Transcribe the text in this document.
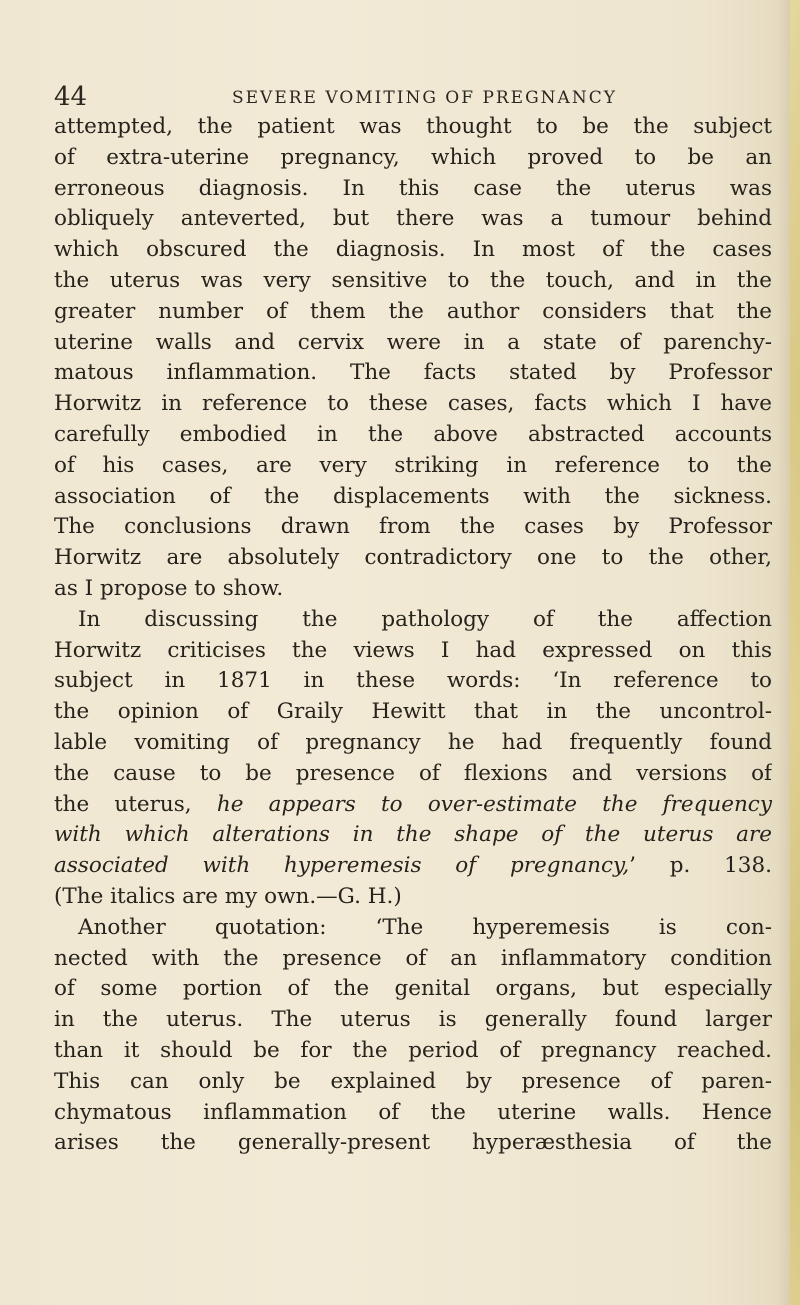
44	SEVERE VOMITING OF PREGNANCY
attempted, the patient was thought to be the subject
of extra-uterine pregnancy, which proved to be an
erroneous diagnosis. In this case the uterus was
obliquely anteverted, but there was a tumour behind
which obscured the diagnosis. In most of the cases
the uterus was very sensitive to the touch, and in the
greater number of them the author considers that the
uterine walls and cervix were in a state of parenchy-
matous inflammation. The facts stated by Professor
Horwitz in reference to these cases, facts which I have
carefully embodied in the above abstracted accounts
of his cases, are very striking in reference to the
association of the displacements with the sickness.
The conclusions drawn from the cases by Professor
Horwitz are absolutely contradictory one to the other,
as I propose to show.
In discussing the pathology of the affection
Horwitz criticises the views I had expressed on this
subject in 1871 in these words: ‘In reference to
the opinion of Graily Hewitt that in the uncontrol-
lable vomiting of pregnancy he had frequently found
the cause to be presence of flexions and versions of
the uterus, he appears to over-estimate the frequency
with which alterations in the shape of the uterus are
associated with hyperemesis of pregnancy,’ p. 138.
(The italics are my own.—G. H.)
Another quotation: ‘The hyperemesis is con-
nected with the presence of an inflammatory condition
of some portion of the genital organs, but especially
in the uterus. The uterus is generally found larger
than it should be for the period of pregnancy reached.
This can only be explained by presence of paren-
chymatous inflammation of the uterine walls. Hence
arises the generally-present hyperæsthesia of the
